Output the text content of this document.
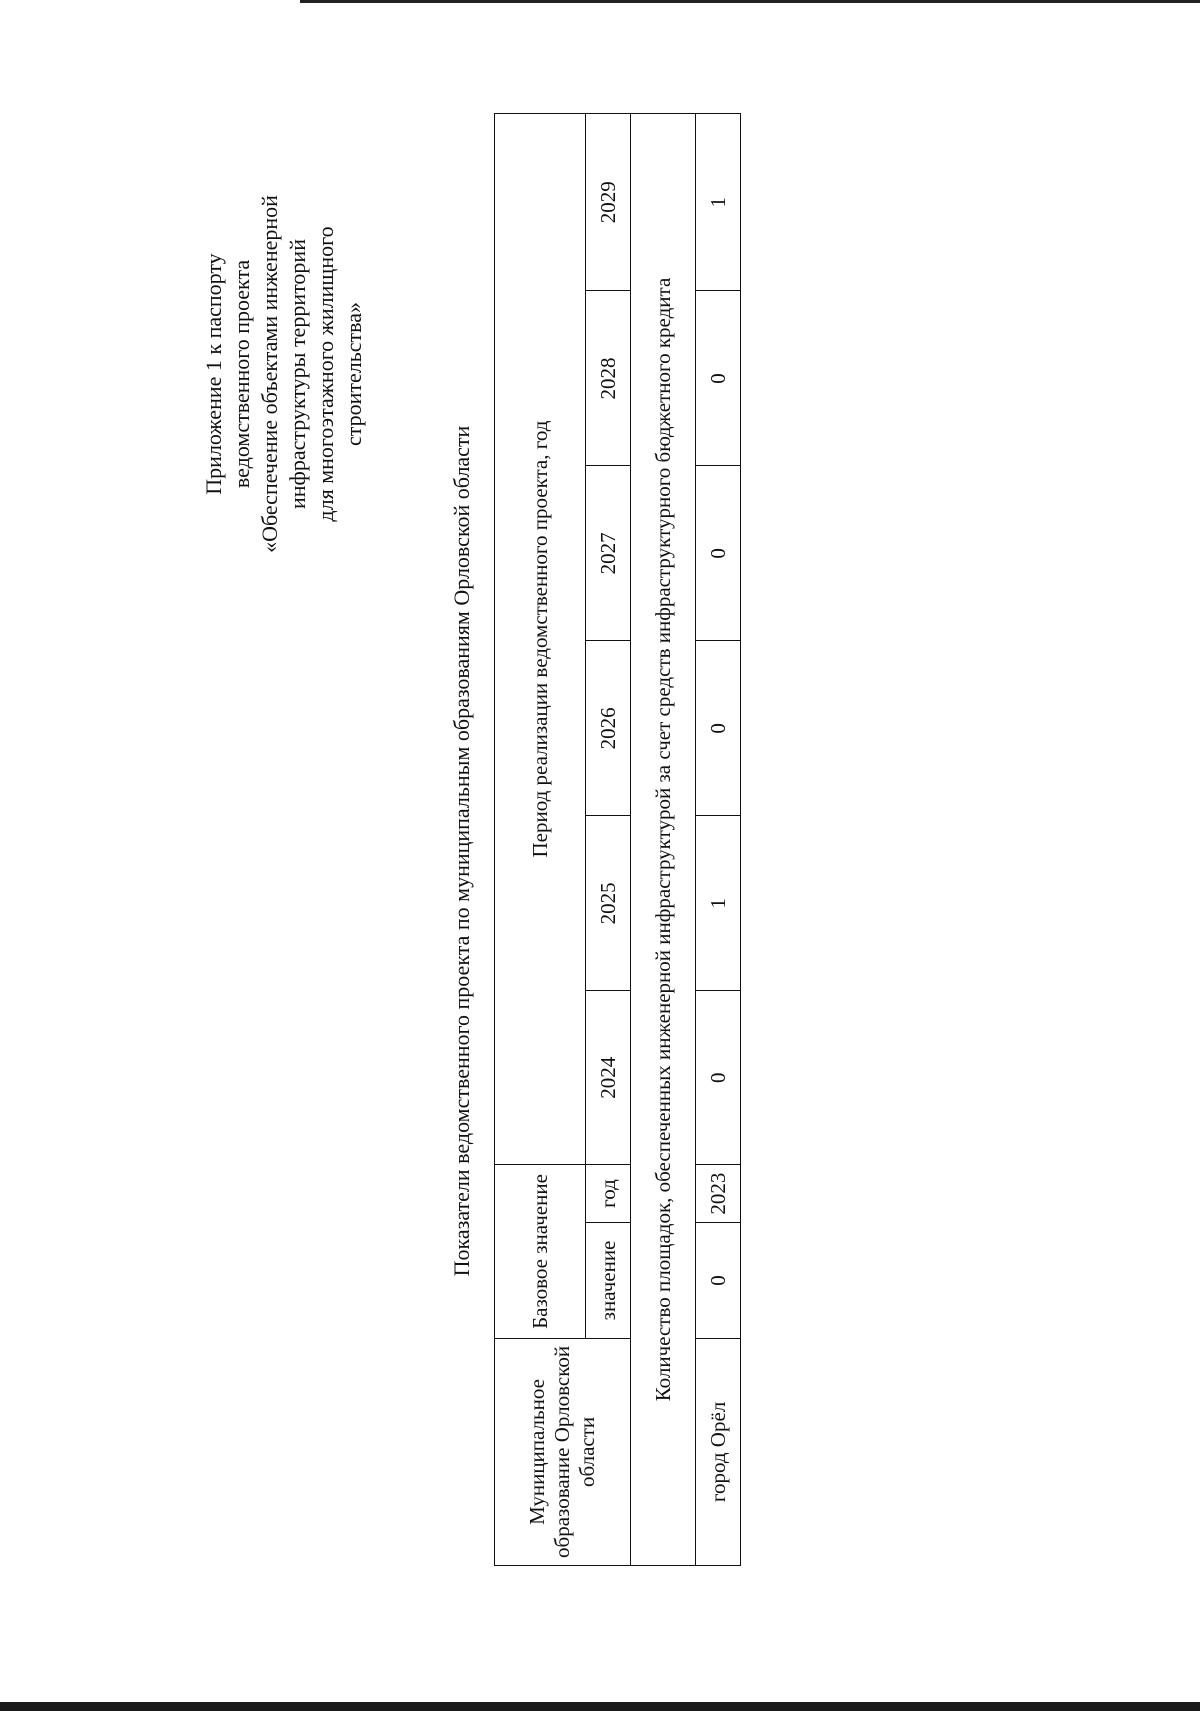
Приложение 1 к паспорту ведомственного проекта «Обеспечение объектами инженерной инфраструктуры территорий для многоэтажного жилищного строительства»
Показатели ведомственного проекта по муниципальным образованиям Орловской области
Муниципальное образование Орловской области	Базовое значение		Период реализации ведомственного проекта, год					
	значение	год	2024	2025	2026	2027	2028	2029
Количество площадок, обеспеченных инженерной инфраструктурой за счет средств инфраструктурного бюджетного кредита								
город Орёл	0	2023	0	1	0	0	0	1
